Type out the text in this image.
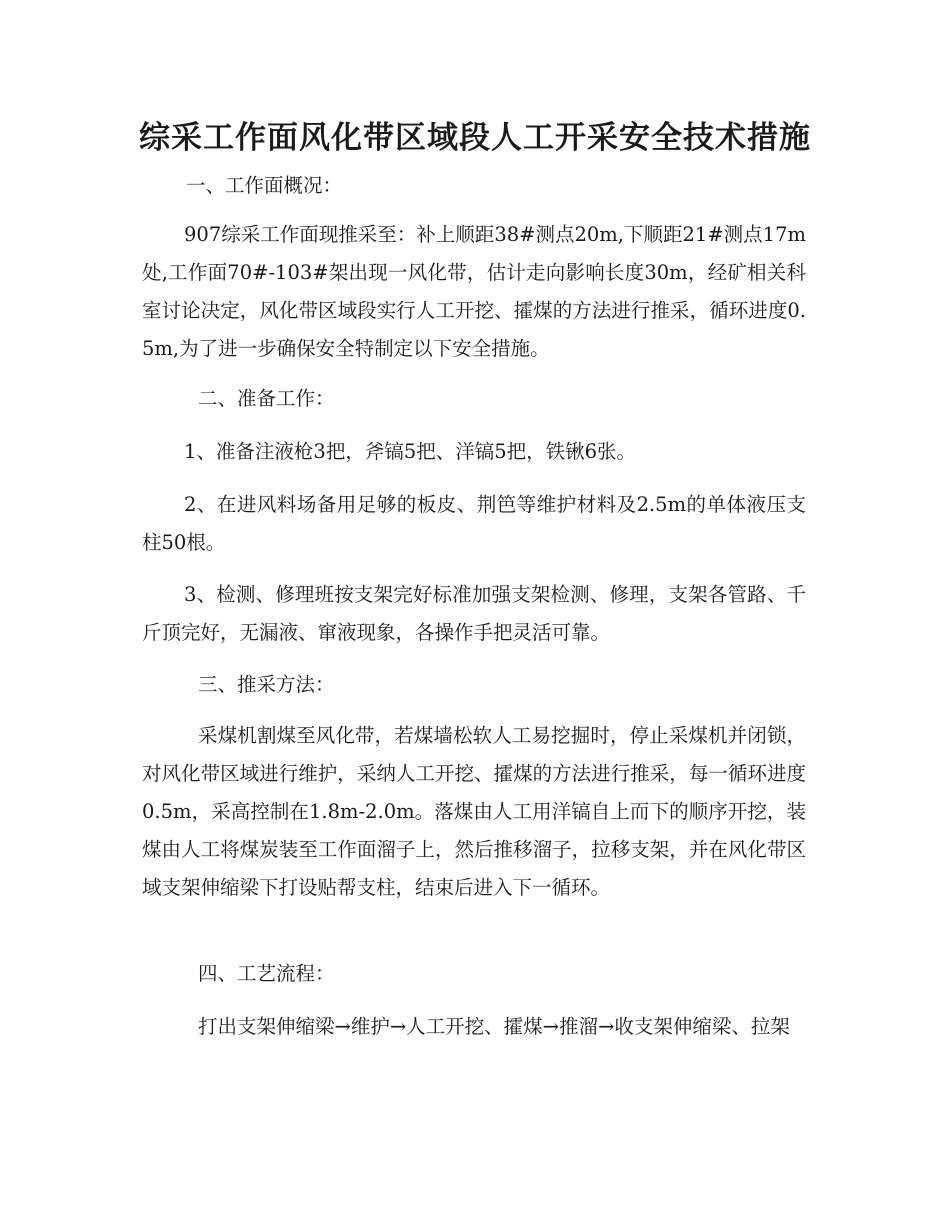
综采工作面风化带区域段人工开采安全技术措施

一、工作面概况：

907综采工作面现推采至：补上顺距38#测点20m,下顺距21#测点17m处,工作面70#-103#架出现一风化带，估计走向影响长度30m，经矿相关科室讨论决定，风化带区域段实行人工开挖、攉煤的方法进行推采，循环进度0.5m,为了进一步确保安全特制定以下安全措施。

二、准备工作：

1、准备注液枪3把，斧镐5把、洋镐5把，铁锹6张。

2、在进风料场备用足够的板皮、荆笆等维护材料及2.5m的单体液压支柱50根。

3、检测、修理班按支架完好标准加强支架检测、修理，支架各管路、千斤顶完好，无漏液、窜液现象，各操作手把灵活可靠。

三、推采方法：

采煤机割煤至风化带，若煤墙松软人工易挖掘时，停止采煤机并闭锁，对风化带区域进行维护，采纳人工开挖、攉煤的方法进行推采，每一循环进度0.5m，采高控制在1.8m-2.0m。落煤由人工用洋镐自上而下的顺序开挖，装煤由人工将煤炭装至工作面溜子上，然后推移溜子，拉移支架，并在风化带区域支架伸缩梁下打设贴帮支柱，结束后进入下一循环。

四、工艺流程：

打出支架伸缩梁→维护→人工开挖、攉煤→推溜→收支架伸缩梁、拉架
